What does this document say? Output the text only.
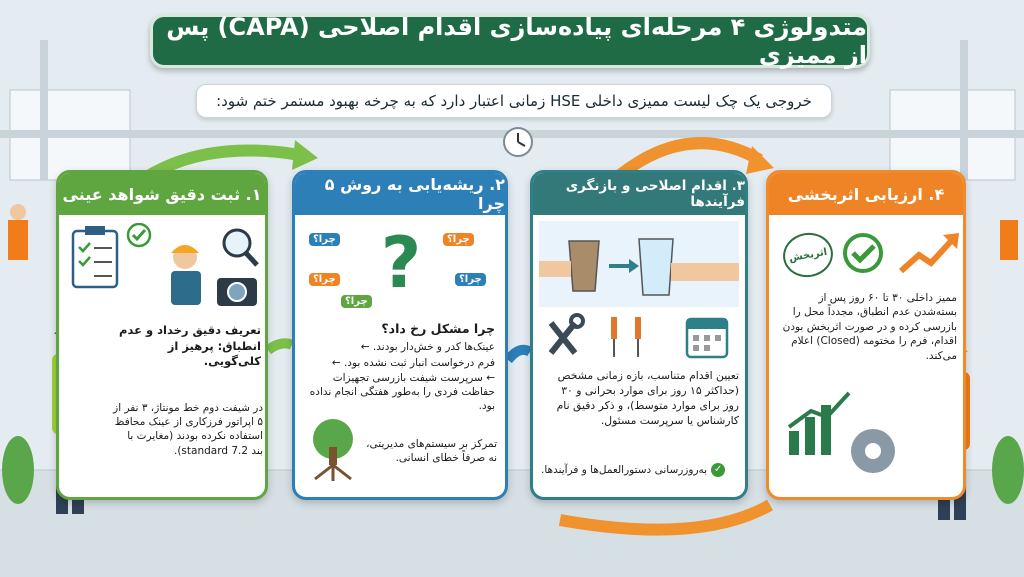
متدولوژی ۴ مرحله‌ای پیاده‌سازی اقدام اصلاحی (CAPA) پس از ممیزی
خروجی یک چک لیست ممیزی داخلی HSE زمانی اعتبار دارد که به چرخه بهبود مستمر ختم شود:
۱. ثبت دقیق شواهد عینی
تعریف دقیق رخداد و عدم انطباق: پرهیز از کلی‌گویی.
در شیفت دوم خط مونتاژ، ۳ نفر از ۵ اپراتور فرزکاری از عینک محافظ استفاده نکرده بودند (مغایرت با بند 7.2 standard).
۲. ریشه‌یابی به روش ۵ چرا
?
چرا؟
چرا؟
چرا؟
چرا؟
چرا؟
چرا مشکل رخ داد؟
عینک‌ها کدر و خش‌دار بودند. ←
فرم درخواست انبار ثبت نشده بود. ←
← سرپرست شیفت بازرسی تجهیزات حفاظت فردی را به‌طور هفتگی انجام نداده بود.
تمرکز بر سیستم‌های مدیریتی، نه صرفاً خطای انسانی.
۳. اقدام اصلاحی و بازنگری فرآیندها
تعیین اقدام متناسب، بازه زمانی مشخص (حداکثر ۱۵ روز برای موارد بحرانی و ۳۰ روز برای موارد متوسط)، و ذکر دقیق نام کارشناس یا سرپرست مسئول.
✓
به‌روزرسانی دستورالعمل‌ها و فرآیندها.
۴. ارزیابی اثربخشی
اثربخش
ممیز داخلی ۳۰ تا ۶۰ روز پس از بسته‌شدن عدم انطباق، مجدداً محل را بازرسی کرده و در صورت اثربخش بودن اقدام، فرم را مختومه (Closed) اعلام می‌کند.
